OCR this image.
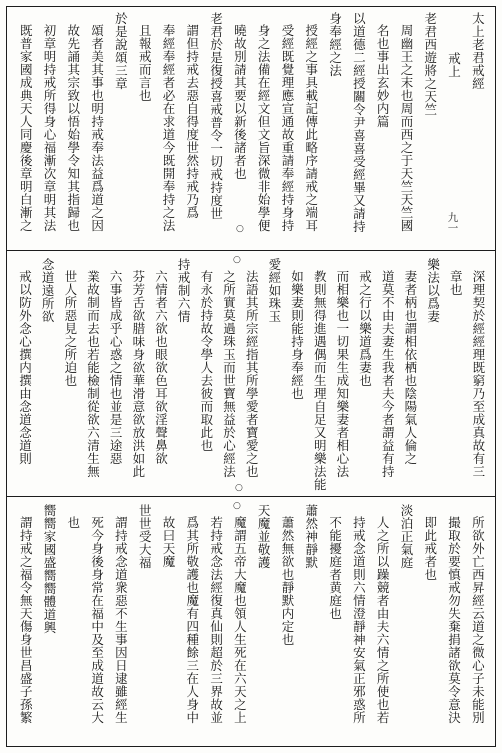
太上老君戒經
戒上
老君西遊將之天竺
周幽王之末也周而西之于天竺天竺國
名也事出玄妙内篇
以道德二經授關令尹喜喜受經畢又請持
身奉經之法
授經之事具載記傳此略序請戒之端耳
受經既覺理應宣通故重請奉經持身持
身之法備在經文但文旨深微非始學便
曉故別請其要以新後諸者也
老君於是復授喜戒普令一切戒持度世
謂但持戒去惡自得度世然持戒乃爲
奉經奉經者必在求道今既開奉持之法
且報戒而言也
於是說頌三章
頌者美其事也明持戒奉法益爲道之因
故先誦其宗致以悟始學令知其指歸也
初章明持戒所得身心福漸次章明其法
既普家國成典天人同慶後章明白漸之
深理契於經經理既窮乃至成真故有三
章也
樂法以爲妻
妻者柄也謂相依栖也陰陽氣人倫之
道莫不由夫妻生我者夫今者謂益有持
戒之行以樂道爲妻也
而相樂也一切果生成知樂妻者相心法
教則無得進遇偶而生理自足又明樂法能
如樂妻則能持身奉經也
愛經如珠玉
法語其所宗經指其所學愛者寶愛之也
之所實莫過珠玉而世寶無益於心經法
有永於持故令學人去彼而取此也
持戒制六情
六情者六欲也眼欲色耳欲淫聲鼻欲
芬芳舌欲腊味身欲華滑意欲放洪如此
六事皆成乎心惑之情也並是三途惡
業故制而去也若能檢制從欲六清生無
世人所惡見之所迫也
念道遠所欲
戒以防外念心撰内撰由念道念道則
所欲外亡西昇經云道之微心子未能別
撮取於要慎戒勿失棄捐諸欲莫令意決
即此戒者也
淡泊正氣庭
人之所以躁競者由夫六情之所使也若
持戒念道則六情澄靜神安氣正邪惑所
不能擾庭者黄庭也
蕭然神靜默
蕭然無欲也靜默内定也
天魔並敬護
魔謂五帝大魔也領人生死在六天之上
若持戒念法經復真仙則超於三界故並
爲其所敬護也魔有四種餘三在人身中
故曰天魔
世世受大福
謂持戒念道衆惡不生事因日逮雖經生
死今身後身常在福中及至成道故云大
也
嚮嚮家國盛嚮嚮體道興
謂持戒之福令無天傷身世昌盛子孫繁
九一
○
○
○
○
